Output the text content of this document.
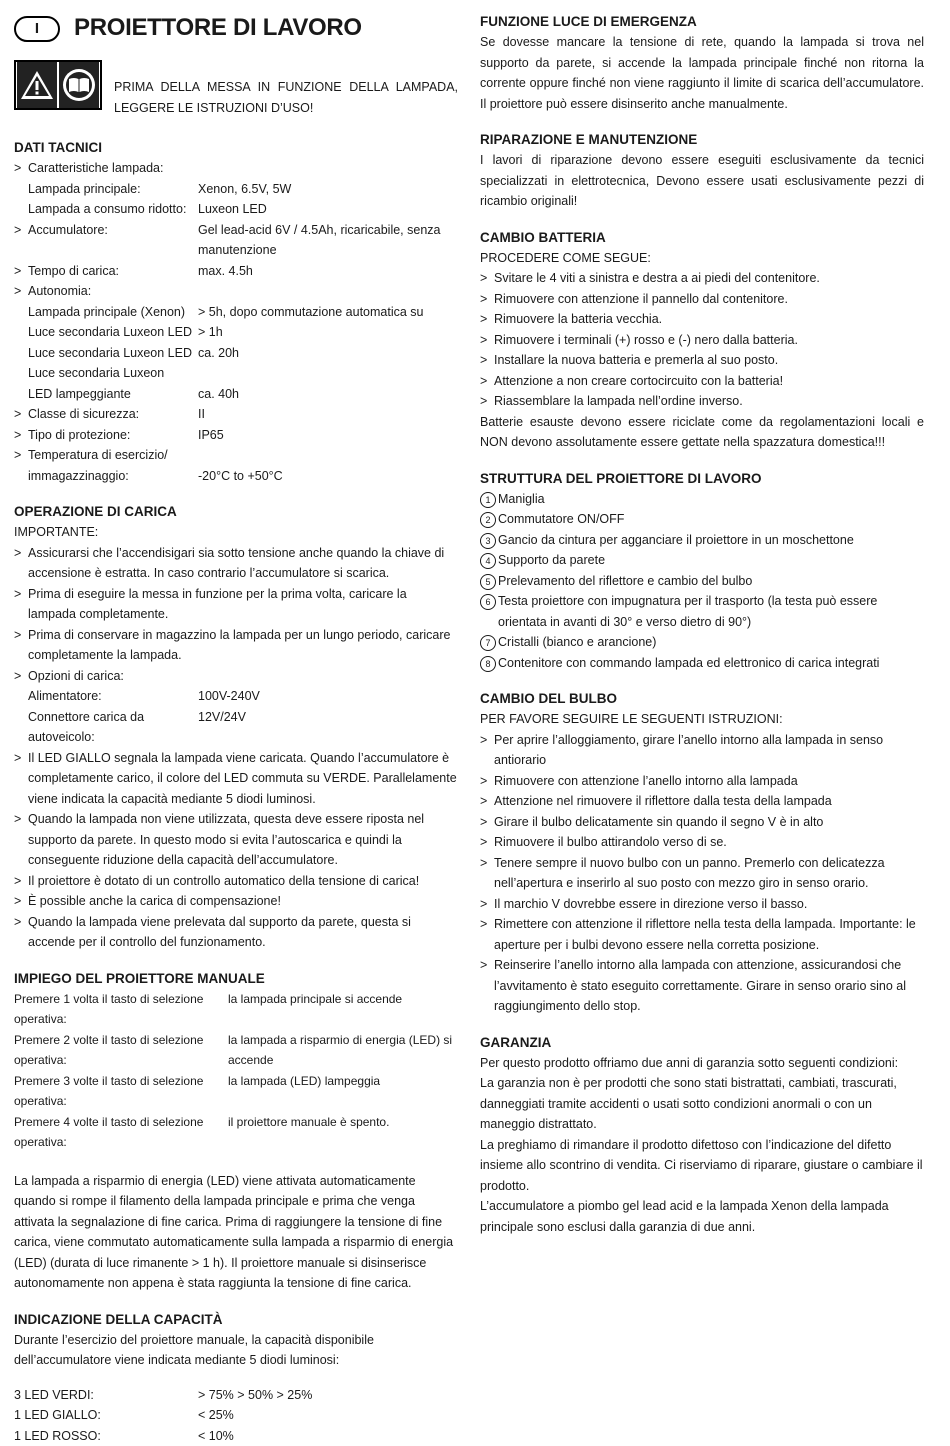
I	PROIETTORE DI LAVORO

PRIMA DELLA MESSA IN FUNZIONE DELLA LAMPADA, LEGGERE LE ISTRUZIONI D’USO!

DATI TACNICI

> Caratteristiche lampada:
Lampada principale:	Xenon, 6.5V, 5W
Lampada a consumo ridotto: Luxeon LED
> Accumulatore:	Gel lead-acid 6V / 4.5Ah, ricaricabile, senza manutenzione
> Tempo di carica:	max. 4.5h
> Autonomia:
Lampada principale (Xenon)	> 5h, dopo commutazione automatica su
Luce secondaria Luxeon LED > 1h
Luce secondaria Luxeon LED ca. 20h
Luce secondaria Luxeon LED lampeggiante	ca. 40h
> Classe di sicurezza:	II
> Tipo di protezione:	IP65
> Temperatura di esercizio/ immagazzinaggio:	-20°C to +50°C

OPERAZIONE DI CARICA

IMPORTANTE:

> Assicurarsi che l’accendisigari sia sotto tensione anche quando la chiave di accensione è estratta. In caso contrario l’accumulatore si scarica.
> Prima di eseguire la messa in funzione per la prima volta, caricare la lampada completamente.
> Prima di conservare in magazzino la lampada per un lungo periodo, caricare completamente la lampada.
> Opzioni di carica:
Alimentatore:	100V-240V
Connettore carica da autoveicolo:
12V/24V
> Il LED GIALLO segnala la lampada viene caricata. Quando l’accumulatore è completamente carico, il colore del LED commuta su VERDE. Parallelamente viene indicata la capacità mediante 5 diodi luminosi.
> Quando la lampada non viene utilizzata, questa deve essere riposta nel supporto da parete. In questo modo si evita l’autoscarica e quindi la conseguente riduzione della capacità dell’accumulatore.
> Il proiettore è dotato di un controllo automatico della tensione di carica!
> È possible anche la carica di compensazione!
> Quando la lampada viene prelevata dal supporto da parete, questa si accende per il controllo del funzionamento.

IMPIEGO DEL PROIETTORE MANUALE

Premere 1 volta il tasto di selezione operativa:
la lampada principale si accende
Premere 2 volte il tasto di selezione operativa:
la lampada a risparmio di energia (LED) si accende
Premere 3 volte il tasto di selezione operativa:
la lampada (LED) lampeggia
Premere 4 volte il tasto di selezione operativa:
il proiettore manuale è spento.

La lampada a risparmio di energia (LED) viene attivata automaticamente quando si rompe il filamento della lampada principale e prima che venga attivata la segnalazione di fine carica. Prima di raggiungere la tensione di fine carica, viene commutato automaticamente sulla lampada a risparmio di energia (LED) (durata di luce rimanente > 1 h). Il proiettore manuale si disinserisce autonomamente non appena è stata raggiunta la tensione di fine carica.

INDICAZIONE DELLA CAPACITÀ

Durante l’esercizio del proiettore manuale, la capacità disponibile dell’accumulatore viene indicata mediante 5 diodi luminosi:

3 LED VERDI:	> 75% > 50% > 25%
1 LED GIALLO:	< 25%
1 LED ROSSO:	< 10%

FUNZIONE LUCE DI EMERGENZA

Se dovesse mancare la tensione di rete, quando la lampada si trova nel supporto da parete, si accende la lampada principale finché non ritorna la corrente oppure finché non viene raggiunto il limite di scarica dell’accumulatore. Il proiettore può essere disinserito anche manualmente.

RIPARAZIONE E MANUTENZIONE

I lavori di riparazione devono essere eseguiti esclusivamente da tecnici specializzati in elettrotecnica, Devono essere usati esclusivamente pezzi di ricambio originali!

CAMBIO BATTERIA

PROCEDERE COME SEGUE:

> Svitare le 4 viti a sinistra e destra a ai piedi del contenitore.
> Rimuovere con attenzione il pannello dal contenitore.
> Rimuovere la batteria vecchia.
> Rimuovere i terminali (+) rosso e (-) nero dalla batteria.
> Installare la nuova batteria e premerla al suo posto.
> Attenzione a non creare cortocircuito con la batteria!
> Riassemblare la lampada nell’ordine inverso.

Batterie esauste devono essere riciclate come da regolamentazioni locali e NON devono assolutamente essere gettate nella spazzatura domestica!!!

STRUTTURA DEL PROIETTORE DI LAVORO

1 Maniglia
2 Commutatore ON/OFF
3 Gancio da cintura per agganciare il proiettore in un moschettone
4 Supporto da parete
5 Prelevamento del riflettore e cambio del bulbo
6 Testa proiettore con impugnatura per il trasporto (la testa può essere orientata in avanti di 30° e verso dietro di 90°)
7 Cristalli (bianco e arancione)
8 Contenitore con commando lampada ed elettronico di carica integrati

CAMBIO DEL BULBO

PER FAVORE SEGUIRE LE SEGUENTI ISTRUZIONI:

> Per aprire l’alloggiamento, girare l’anello intorno alla lampada in senso antiorario
> Rimuovere con attenzione l’anello intorno alla lampada
> Attenzione nel rimuovere il riflettore dalla testa della lampada
> Girare il bulbo delicatamente sin quando il segno V è in alto
> Rimuovere il bulbo attirandolo verso di se.
> Tenere sempre il nuovo bulbo con un panno. Premerlo con delicatezza nell’apertura e inserirlo al suo posto con mezzo giro in senso orario.
> Il marchio V dovrebbe essere in direzione verso il basso.
> Rimettere con attenzione il riflettore nella testa della lampada. Importante: le aperture per i bulbi devono essere nella corretta posizione.
> Reinserire l’anello intorno alla lampada con attenzione, assicurandosi che l’avvitamento è stato eseguito correttamente. Girare in senso orario sino al raggiungimento dello stop.

GARANZIA

Per questo prodotto offriamo due anni di garanzia sotto seguenti condizioni:

La garanzia non è per prodotti che sono stati bistrattati, cambiati, trascurati, danneggiati tramite accidenti o usati sotto condizioni anormali o con un maneggio distrattato.

La preghiamo di rimandare il prodotto difettoso con l’indicazione del difetto insieme allo scontrino di vendita. Ci riserviamo di riparare, giustare o cambiare il prodotto.

L’accumulatore a piombo gel lead acid e la lampada Xenon della lampada principale sono esclusi dalla garanzia di due anni.
